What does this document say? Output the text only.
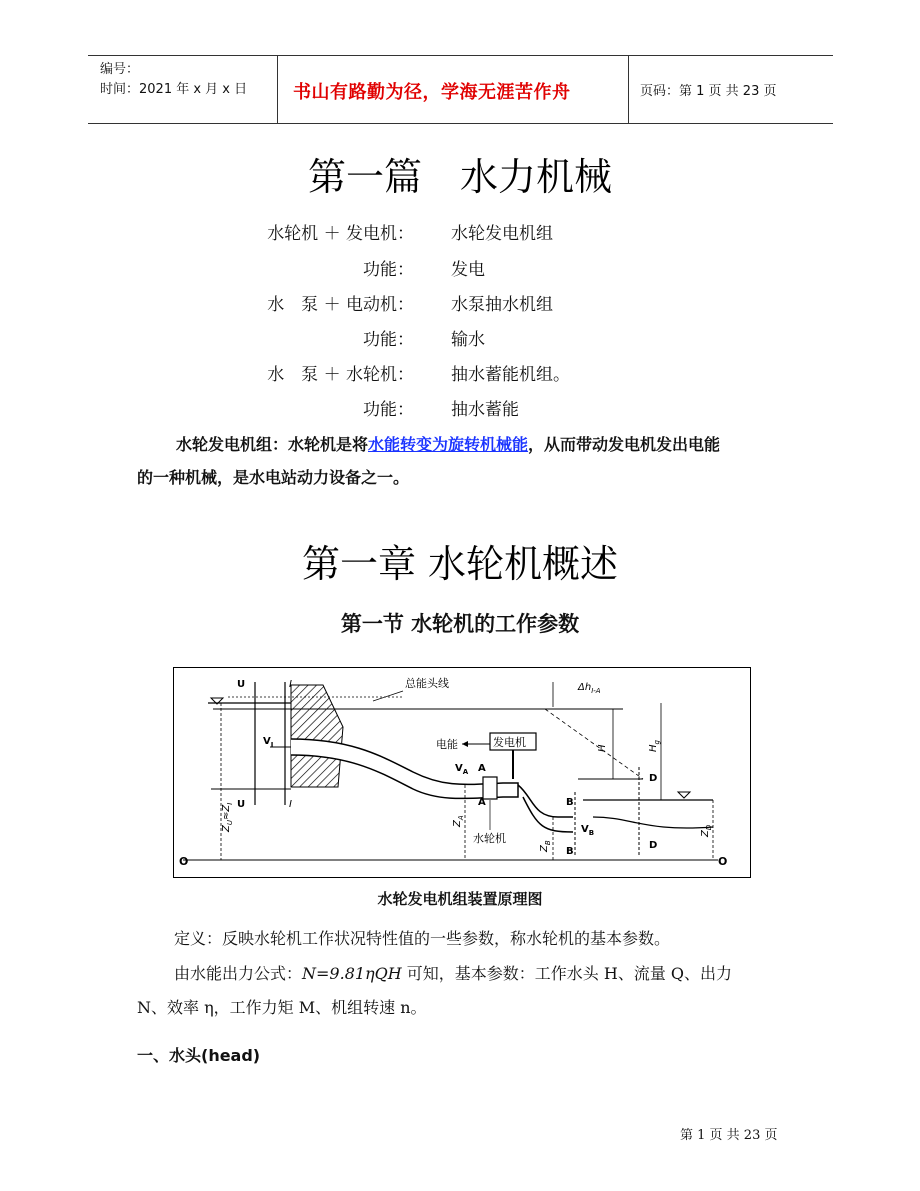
编号：
时间：2021 年 x 月 x 日	书山有路勤为径，学海无涯苦作舟	页码：第 1 页 共 23 页
第一篇　水力机械
水轮机 ＋ 发电机： 水轮发电机组
功能： 发电
水　泵 ＋ 电动机： 水泵抽水机组
功能： 输水
水　泵 ＋ 水轮机： 抽水蓄能机组。
功能： 抽水蓄能
水轮发电机组：水轮机是将水能转变为旋转机械能，从而带动发电机发出电能
的一种机械，是水电站动力设备之一。
第一章 水轮机概述
第一节 水轮机的工作参数
O	O
总能头线
U
U
I
I
$V_I$	发电机
电能
水轮机
$V_A$ A
A	B
B
$V_B$
D
D
$\Delta h_{I-A}$
H	$H_g$
$Z_U\approx Z_I$
$Z_A$
$Z_B$
$Z_D$
水轮发电机组装置原理图
定义：反映水轮机工作状况特性值的一些参数，称水轮机的基本参数。
由水能出力公式：N=9.81ηQH 可知，基本参数：工作水头 H、流量 Q、出力
N、效率 η，工作力矩 M、机组转速 n。
一、水头(head)
第 1 页 共 23 页
